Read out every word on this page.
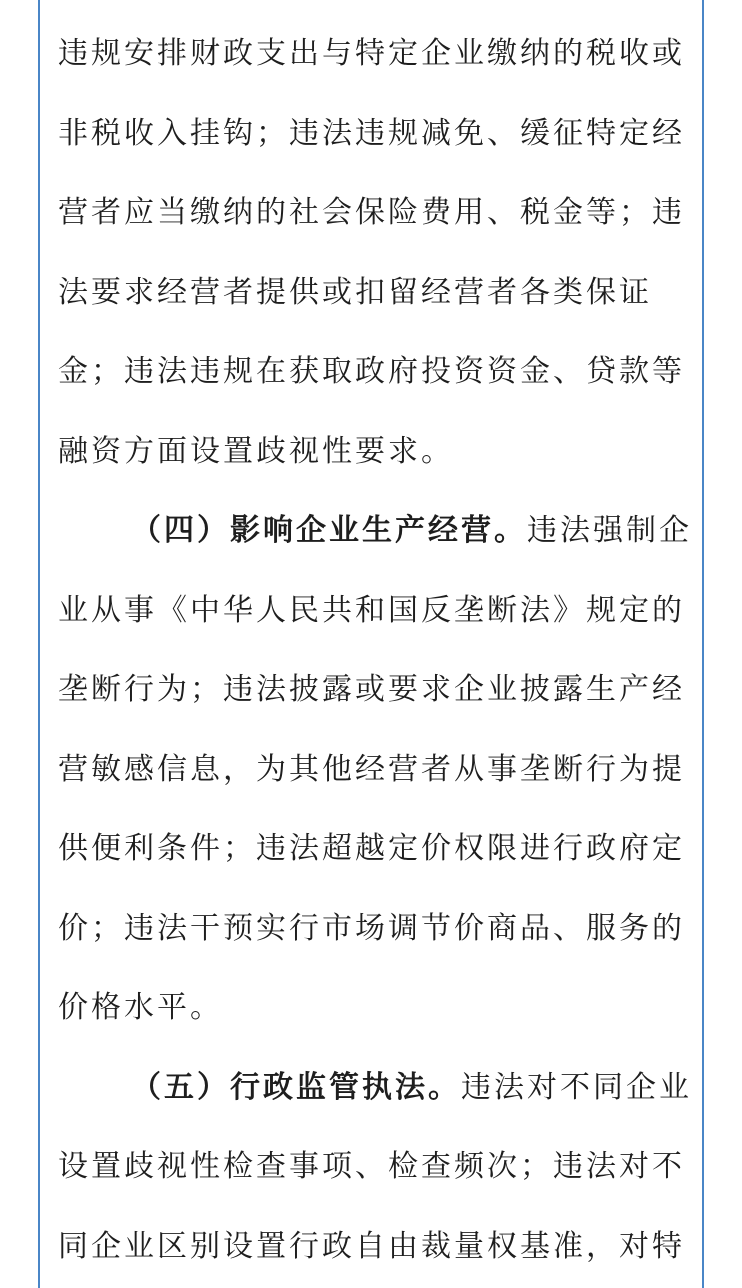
违规安排财政支出与特定企业缴纳的税收或
非税收入挂钩；违法违规减免、缓征特定经
营者应当缴纳的社会保险费用、税金等；违
法要求经营者提供或扣留经营者各类保证
金；违法违规在获取政府投资资金、贷款等
融资方面设置歧视性要求。
（四）影响企业生产经营。违法强制企
业从事《中华人民共和国反垄断法》规定的
垄断行为；违法披露或要求企业披露生产经
营敏感信息，为其他经营者从事垄断行为提
供便利条件；违法超越定价权限进行政府定
价；违法干预实行市场调节价商品、服务的
价格水平。
（五）行政监管执法。违法对不同企业
设置歧视性检查事项、检查频次；违法对不
同企业区别设置行政自由裁量权基准，对特
